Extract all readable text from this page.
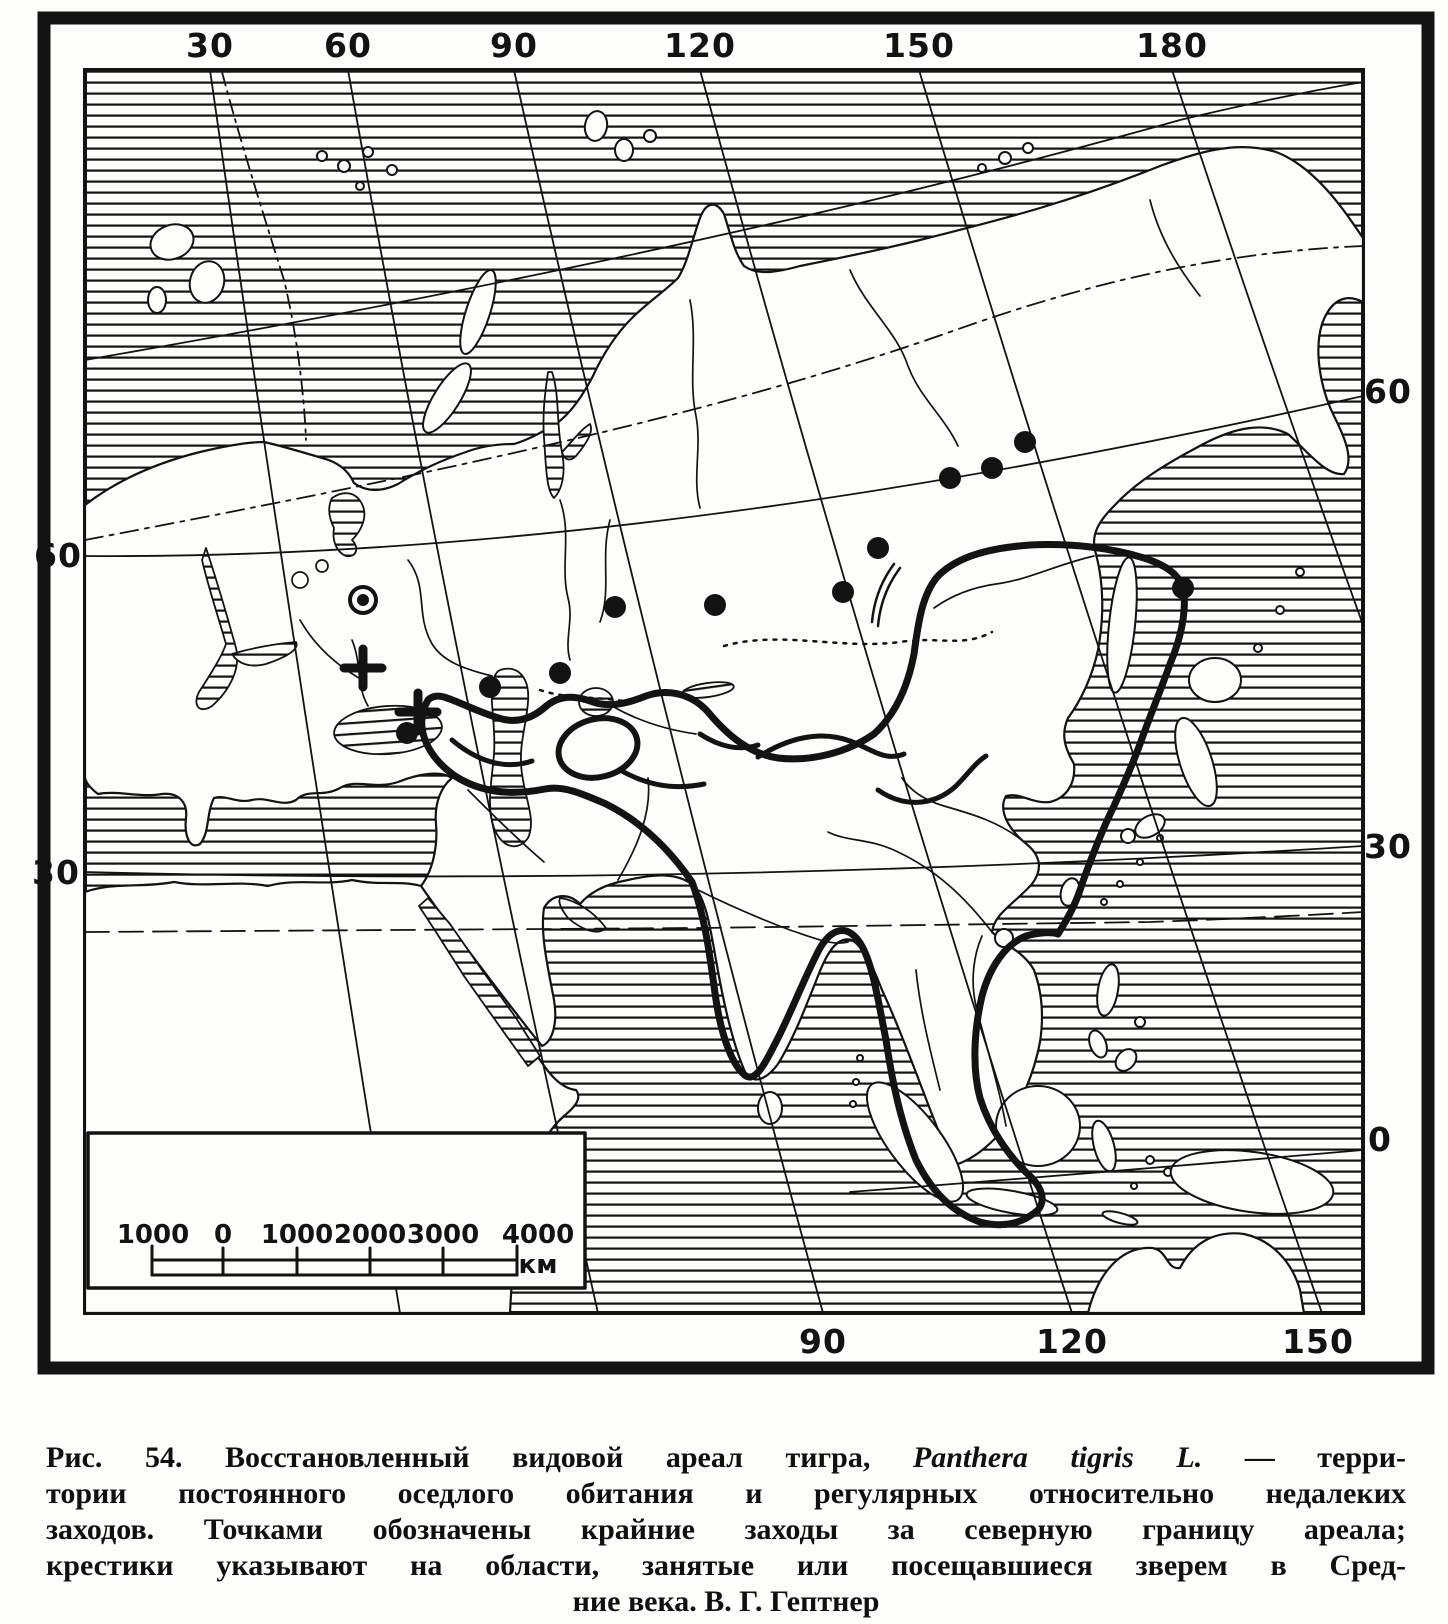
30	60	90	120	150	180
60
30
60
30
0
90	120	150
1000 0	1000 2000 3000 4000 км
Рис. 54. Восстановленный видовой ареал тигра, Panthera tigris L. — терри-
тории постоянного оседлого обитания и регулярных относительно недалеких
заходов. Точками обозначены крайние заходы за северную границу ареала;
крестики указывают на области, занятые или посещавшиеся зверем в Сред-
ние века. В. Г. Гептнер
